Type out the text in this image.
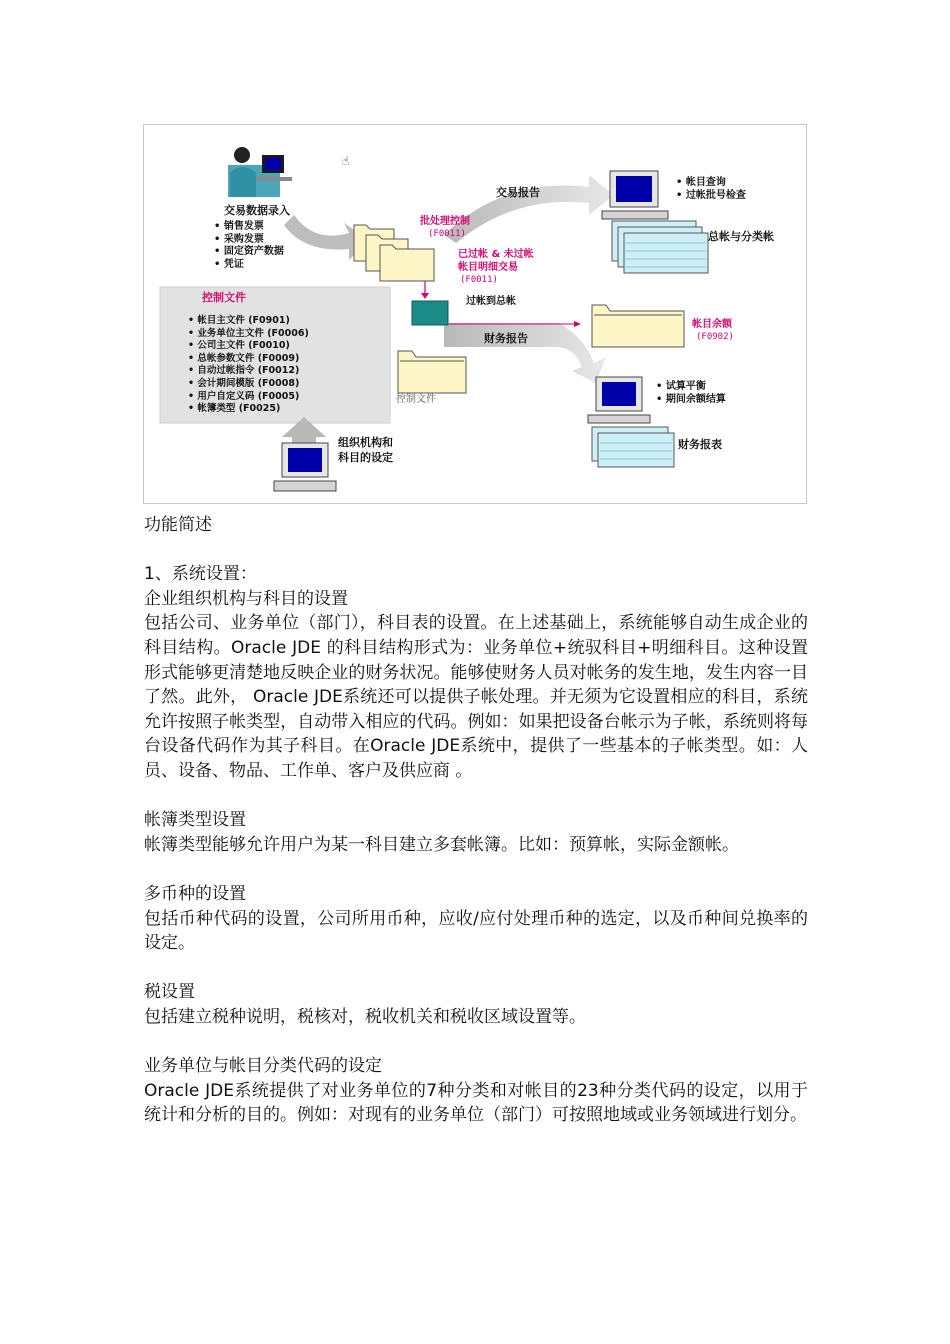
☝
交易数据录入
• 销售发票
• 采购发票
• 固定资产数据
• 凭证
批处理控制
(F0011)
已过帐 & 未过帐
帐目明细交易
(F0011)
交易报告
• 帐目查询
• 过帐批号检查
总帐与分类帐
过帐到总帐
财务报告
帐目余额
(F0902)
控制文件
• 帐目主文件 (F0901)
• 业务单位主文件 (F0006)
• 公司主文件 (F0010)
• 总帐参数文件 (F0009)
• 自动过帐指令 (F0012)
• 会计期间模版 (F0008)
• 用户自定义码 (F0005)
• 帐簿类型 (F0025)
控制文件
组织机构和
科目的设定
• 试算平衡
• 期间余额结算
财务报表

功能简述

1、系统设置：

企业组织机构与科目的设置

包括公司、业务单位（部门），科目表的设置。在上述基础上，系统能够自动生成企业的科目结构。Oracle JDE 的科目结构形式为：业务单位+统驭科目+明细科目。这种设置形式能够更清楚地反映企业的财务状况。能够使财务人员对帐务的发生地，发生内容一目了然。此外， Oracle JDE系统还可以提供子帐处理。并无须为它设置相应的科目，系统允许按照子帐类型，自动带入相应的代码。例如：如果把设备台帐示为子帐，系统则将每台设备代码作为其子科目。在Oracle JDE系统中，提供了一些基本的子帐类型。如：人员、设备、物品、工作单、客户及供应商 。

帐簿类型设置

帐簿类型能够允许用户为某一科目建立多套帐簿。比如：预算帐，实际金额帐。

多币种的设置

包括币种代码的设置，公司所用币种，应收/应付处理币种的选定，以及币种间兑换率的设定。

税设置

包括建立税种说明，税核对，税收机关和税收区域设置等。

业务单位与帐目分类代码的设定

Oracle JDE系统提供了对业务单位的7种分类和对帐目的23种分类代码的设定，以用于统计和分析的目的。例如：对现有的业务单位（部门）可按照地域或业务领域进行划分。
